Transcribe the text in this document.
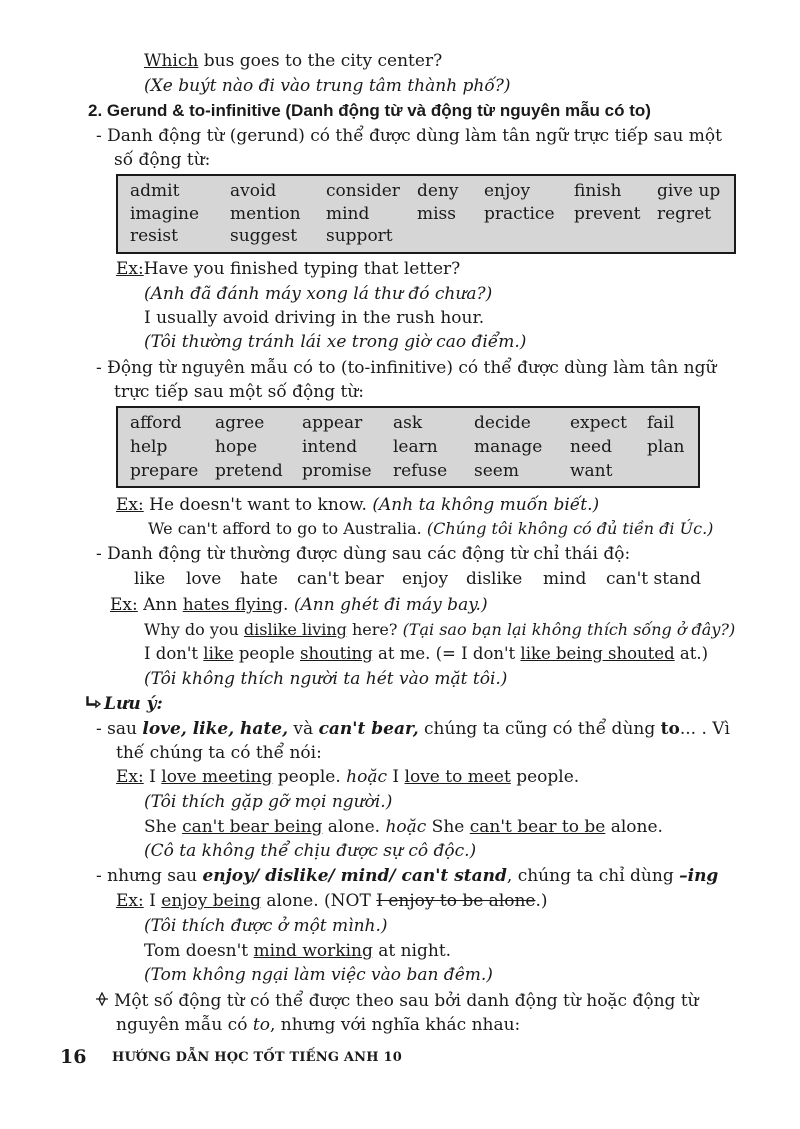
Which bus goes to the city center?
(Xe buýt nào đi vào trung tâm thành phố?)
2. Gerund & to-infinitive (Danh động từ và động từ nguyên mẫu có to)
- Danh động từ (gerund) có thể được dùng làm tân ngữ trực tiếp sau một
số động từ:
admit	avoid	consider deny enjoy	finish give up
imagine mention mind	miss practice prevent regret
resist	suggest support
Ex:Have you finished typing that letter?
(Anh đã đánh máy xong lá thư đó chưa?)
I usually avoid driving in the rush hour.
(Tôi thường tránh lái xe trong giờ cao điểm.)
- Động từ nguyên mẫu có to (to-infinitive) có thể được dùng làm tân ngữ
trực tiếp sau một số động từ:
afford agree appear ask	decide expect fail
help	hope	intend learn manage need plan
prepare pretend promise refuse seem	want
Ex: He doesn't want to know. (Anh ta không muốn biết.)
We can't afford to go to Australia. (Chúng tôi không có đủ tiền đi Úc.)
- Danh động từ thường được dùng sau các động từ chỉ thái độ:
like love hate can't bear enjoy dislike mind can't stand
Ex: Ann hates flying. (Ann ghét đi máy bay.)
Why do you dislike living here? (Tại sao bạn lại không thích sống ở đây?)
I don't like people shouting at me. (= I don't like being shouted at.)
(Tôi không thích người ta hét vào mặt tôi.)
Lưu ý:
- sau love, like, hate, và can't bear, chúng ta cũng có thể dùng to... . Vì
thế chúng ta có thể nói:
Ex: I love meeting people. hoặc I love to meet people.
(Tôi thích gặp gỡ mọi người.)
She can't bear being alone. hoặc She can't bear to be alone.
(Cô ta không thể chịu được sự cô độc.)
- nhưng sau enjoy/ dislike/ mind/ can't stand, chúng ta chỉ dùng –ing
Ex: I enjoy being alone. (NOT I enjoy to be alone.)
(Tôi thích được ở một mình.)
Tom doesn't mind working at night.
(Tom không ngại làm việc vào ban đêm.)
Một số động từ có thể được theo sau bởi danh động từ hoặc động từ
nguyên mẫu có to, nhưng với nghĩa khác nhau:
16 HƯỚNG DẪN HỌC TỐT TIẾNG ANH 10
